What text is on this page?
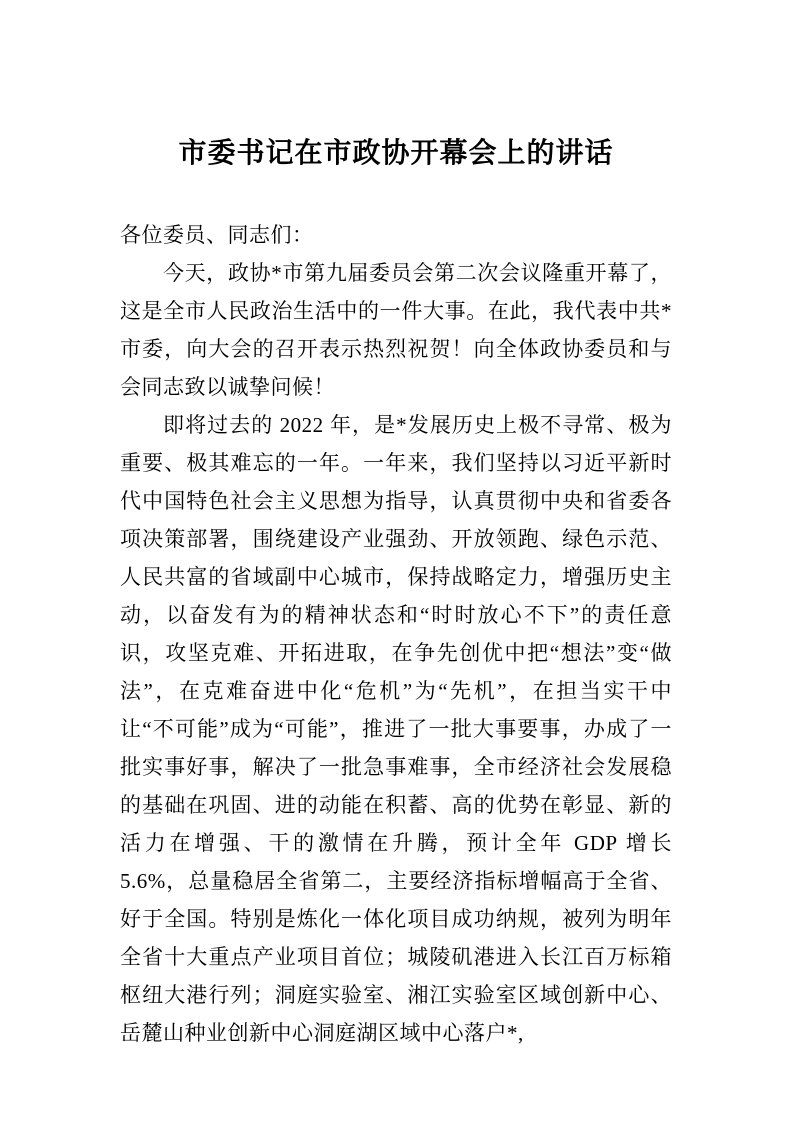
市委书记在市政协开幕会上的讲话

各位委员、同志们：

今天，政协*市第九届委员会第二次会议隆重开幕了，这是全市人民政治生活中的一件大事。在此，我代表中共*市委，向大会的召开表示热烈祝贺！向全体政协委员和与会同志致以诚挚问候！

即将过去的 2022 年，是*发展历史上极不寻常、极为重要、极其难忘的一年。一年来，我们坚持以习近平新时代中国特色社会主义思想为指导，认真贯彻中央和省委各项决策部署，围绕建设产业强劲、开放领跑、绿色示范、人民共富的省域副中心城市，保持战略定力，增强历史主动，以奋发有为的精神状态和“时时放心不下”的责任意识，攻坚克难、开拓进取，在争先创优中把“想法”变“做法”，在克难奋进中化“危机”为“先机”，在担当实干中让“不可能”成为“可能”，推进了一批大事要事，办成了一批实事好事，解决了一批急事难事，全市经济社会发展稳的基础在巩固、进的动能在积蓄、高的优势在彰显、新的活力在增强、干的激情在升腾，预计全年 GDP 增长 5.6%，总量稳居全省第二，主要经济指标增幅高于全省、好于全国。特别是炼化一体化项目成功纳规，被列为明年全省十大重点产业项目首位；城陵矶港进入长江百万标箱枢纽大港行列；洞庭实验室、湘江实验室区域创新中心、岳麓山种业创新中心洞庭湖区域中心落户*,
